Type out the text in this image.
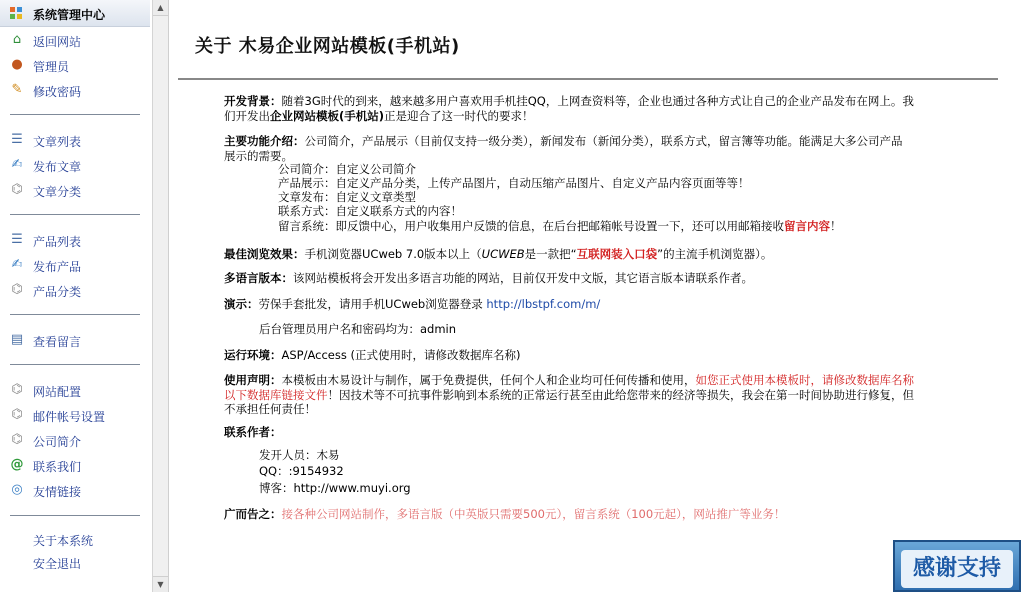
系统管理中心
⌂ 返回网站
● 管理员
✎ 修改密码
☰ 文章列表
✍ 发布文章
⌬ 文章分类
☰ 产品列表
✍ 发布产品
⌬ 产品分类
▤ 查看留言
⌬ 网站配置
⌬ 邮件帐号设置
⌬ 公司简介
@ 联系我们
◎ 友情链接
关于本系统
安全退出
▲
▼
关于 木易企业网站模板(手机站)
开发背景：随着3G时代的到来，越来越多用户喜欢用手机挂QQ，上网查资料等，企业也通过各种方式让自己的企业产品发布在网上。我
们开发出企业网站模板(手机站)正是迎合了这一时代的要求！
主要功能介绍：公司简介，产品展示（目前仅支持一级分类），新闻发布（新闻分类），联系方式，留言簿等功能。能满足大多公司产品
展示的需要。
公司简介：自定义公司简介
产品展示：自定义产品分类，上传产品图片，自动压缩产品图片、自定义产品内容页面等等！
文章发布：自定义文章类型
联系方式：自定义联系方式的内容！
留言系统：即反馈中心，用户收集用户反馈的信息，在后台把邮箱帐号设置一下，还可以用邮箱接收留言内容！
最佳浏览效果：手机浏览器UCweb 7.0版本以上（UCWEB是一款把“互联网装入口袋”的主流手机浏览器）。
多语言版本：该网站模板将会开发出多语言功能的网站，目前仅开发中文版，其它语言版本请联系作者。
演示：劳保手套批发，请用手机UCweb浏览器登录 http://lbstpf.com/m/
后台管理员用户名和密码均为：admin
运行环境：ASP/Access (正式使用时，请修改数据库名称)
使用声明：本模板由木易设计与制作，属于免费提供，任何个人和企业均可任何传播和使用，如您正式使用本模板时，请修改数据库名称
以下数据库链接文件！因技术等不可抗事件影响到本系统的正常运行甚至由此给您带来的经济等损失，我会在第一时间协助进行修复，但
不承担任何责任！
联系作者：
发开人员：木易
QQ：:9154932
博客：http://www.muyi.org
广而告之：接各种公司网站制作，多语言版（中英版只需要500元），留言系统（100元起），网站推广等业务！
感谢支持
